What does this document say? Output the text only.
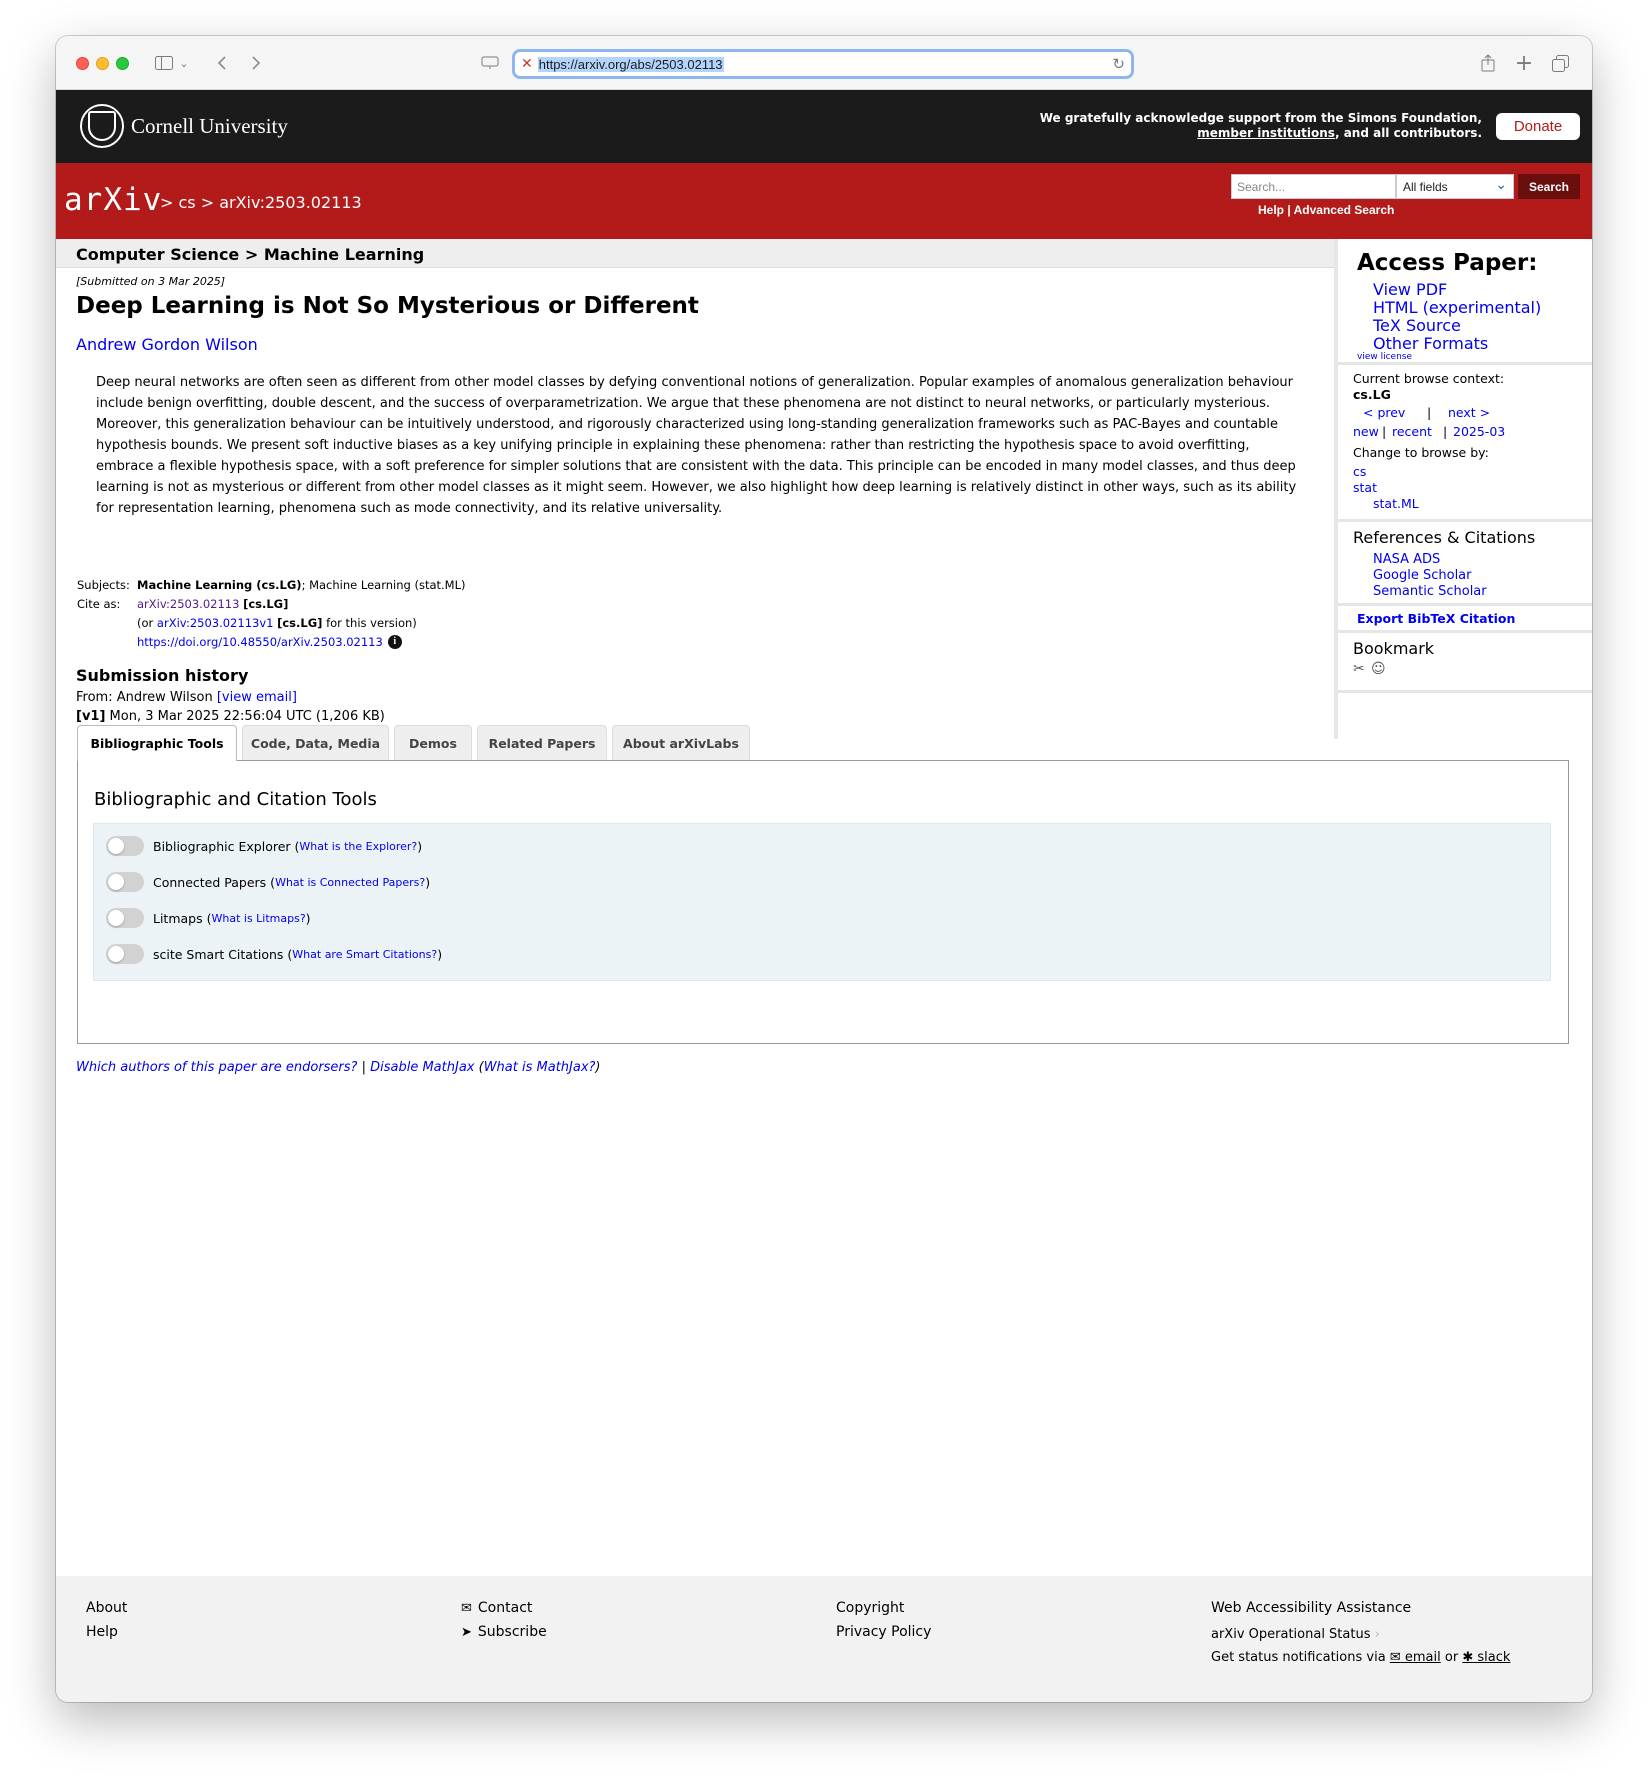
⌄	✕ https://arxiv.org/abs/2503.02113	↻	+
Cornell University	We gratefully acknowledge support from the Simons Foundation,
member institutions, and all contributors.	Donate
arXiv
> cs > arXiv:2503.02113
Search...	All fields	⌄	Search
Help | Advanced Search
Computer Science > Machine Learning
[Submitted on 3 Mar 2025]
Deep Learning is Not So Mysterious or Different
Andrew Gordon Wilson
Deep neural networks are often seen as different from other model classes by defying conventional notions of generalization. Popular examples of anomalous generalization behaviour include benign overfitting, double descent, and the success of overparametrization. We argue that these phenomena are not distinct to neural networks, or particularly mysterious. Moreover, this generalization behaviour can be intuitively understood, and rigorously characterized using long-standing generalization frameworks such as PAC-Bayes and countable hypothesis bounds. We present soft inductive biases as a key unifying principle in explaining these phenomena: rather than restricting the hypothesis space to avoid overfitting, embrace a flexible hypothesis space, with a soft preference for simpler solutions that are consistent with the data. This principle can be encoded in many model classes, and thus deep learning is not as mysterious or different from other model classes as it might seem. However, we also highlight how deep learning is relatively distinct in other ways, such as its ability for representation learning, phenomena such as mode connectivity, and its relative universality.
Subjects: Machine Learning (cs.LG); Machine Learning (stat.ML)
Cite as: arXiv:2503.02113 [cs.LG]
(or arXiv:2503.02113v1 [cs.LG] for this version)
https://doi.org/10.48550/arXiv.2503.02113 i
Submission history
From: Andrew Wilson [view email]
[v1] Mon, 3 Mar 2025 22:56:04 UTC (1,206 KB)
Access Paper:
View PDF
HTML (experimental)
TeX Source
Other Formats
view license
Current browse context:
cs.LG
< prev | next >
new | recent | 2025-03
Change to browse by:
cs
stat
stat.ML
References & Citations
NASA ADS
Google Scholar
Semantic Scholar
Export BibTeX Citation
Bookmark
✂ ☺
Bibliographic Tools	Code, Data, Media	Demos	Related Papers	About arXivLabs
Bibliographic and Citation Tools
Bibliographic Explorer ( What is the Explorer? )
Connected Papers ( What is Connected Papers? )
Litmaps ( What is Litmaps? )
scite Smart Citations ( What are Smart Citations? )
Which authors of this paper are endorsers? | Disable MathJax (What is MathJax?)
About
Help
✉ Contact
➤ Subscribe
Copyright
Privacy Policy
Web Accessibility Assistance
arXiv Operational Status ›
Get status notifications via ✉ email or ✱ slack
